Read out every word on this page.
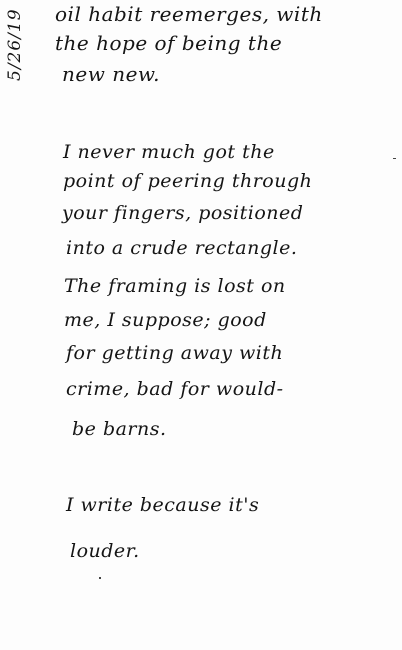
5/26/19 oil habit reemerges, with
the hope of being the
new new.
I never much got the
point of peering through
your fingers, positioned
into a crude rectangle.
The framing is lost on
me, I suppose; good
for getting away with
crime, bad for would-
be barns.
I write because it's
louder.
